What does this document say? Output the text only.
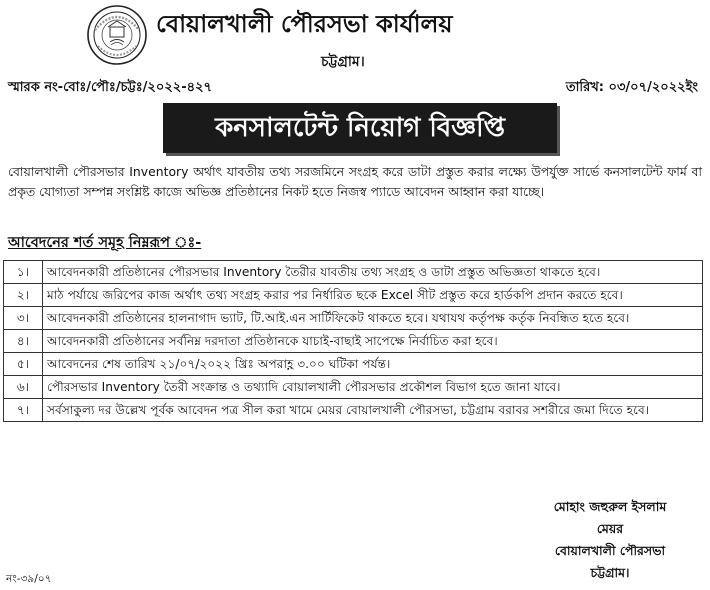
বোয়ালখালী পৌরসভা কার্যালয়
চট্টগ্রাম।
স্মারক নং-বোঃ/পৌঃ/চট্টঃ/২০২২-৪২৭	তারিখ: ০৩/০৭/২০২২ইং
কনসালটেন্ট নিয়োগ বিজ্ঞপ্তি
বোয়ালখালী পৌরসভার Inventory অর্থাৎ যাবতীয় তথ্য সরজমিনে সংগ্রহ করে ডাটা প্রস্তুত করার লক্ষ্যে উপর্যুক্ত সার্ভে কনসালটেন্ট ফার্ম বা প্রকৃত যোগ্যতা সম্পন্ন সংশ্লিষ্ট কাজে অভিজ্ঞ প্রতিষ্ঠানের নিকট হতে নিজস্ব প্যাডে আবেদন আহ্বান করা যাচ্ছে।
আবেদনের শর্ত সমূহ নিম্নরূপ ঃ-
১।	আবেদনকারী প্রতিষ্ঠানের পৌরসভার Inventory তৈরীর যাবতীয় তথ্য সংগ্রহ ও ডাটা প্রস্তুত অভিজ্ঞতা থাকতে হবে।
২।	মাঠ পর্যায়ে জরিপের কাজ অর্থাৎ তথ্য সংগ্রহ করার পর নির্ধারিত ছকে Excel সীট প্রস্তুত করে হার্ডকপি প্রদান করতে হবে।
৩।	আবেদনকারী প্রতিষ্ঠানের হালনাগাদ ভ্যাট, টি.আই.এন সার্টিফিকেট থাকতে হবে। যথাযথ কর্তৃপক্ষ কর্তৃক নিবন্ধিত হতে হবে।
৪।	আবেদনকারী প্রতিষ্ঠানের সর্বনিম্ন দরদাতা প্রতিষ্ঠানকে যাচাই-বাছাই সাপেক্ষে নির্বাচিত করা হবে।
৫।	আবেদনের শেষ তারিখ ২১/০৭/২০২২ খ্রিঃ অপরাহ্ণ ৩.০০ ঘটিকা পর্যন্ত।
৬।	পৌরসভার Inventory তৈরী সংক্রান্ত ও তথ্যাদি বোয়ালখালী পৌরসভার প্রকৌশল বিভাগ হতে জানা যাবে।
৭।	সর্বসাকুল্য দর উল্লেখ পূর্বক আবেদন পত্র সীল করা খামে মেয়র বোয়ালখালী পৌরসভা, চট্টগ্রাম বরাবর সশরীরে জমা দিতে হবে।
মোহাং জহুরুল ইসলাম
মেয়র
বোয়ালখালী পৌরসভা
চট্টগ্রাম।
নং-৩৯/০৭
